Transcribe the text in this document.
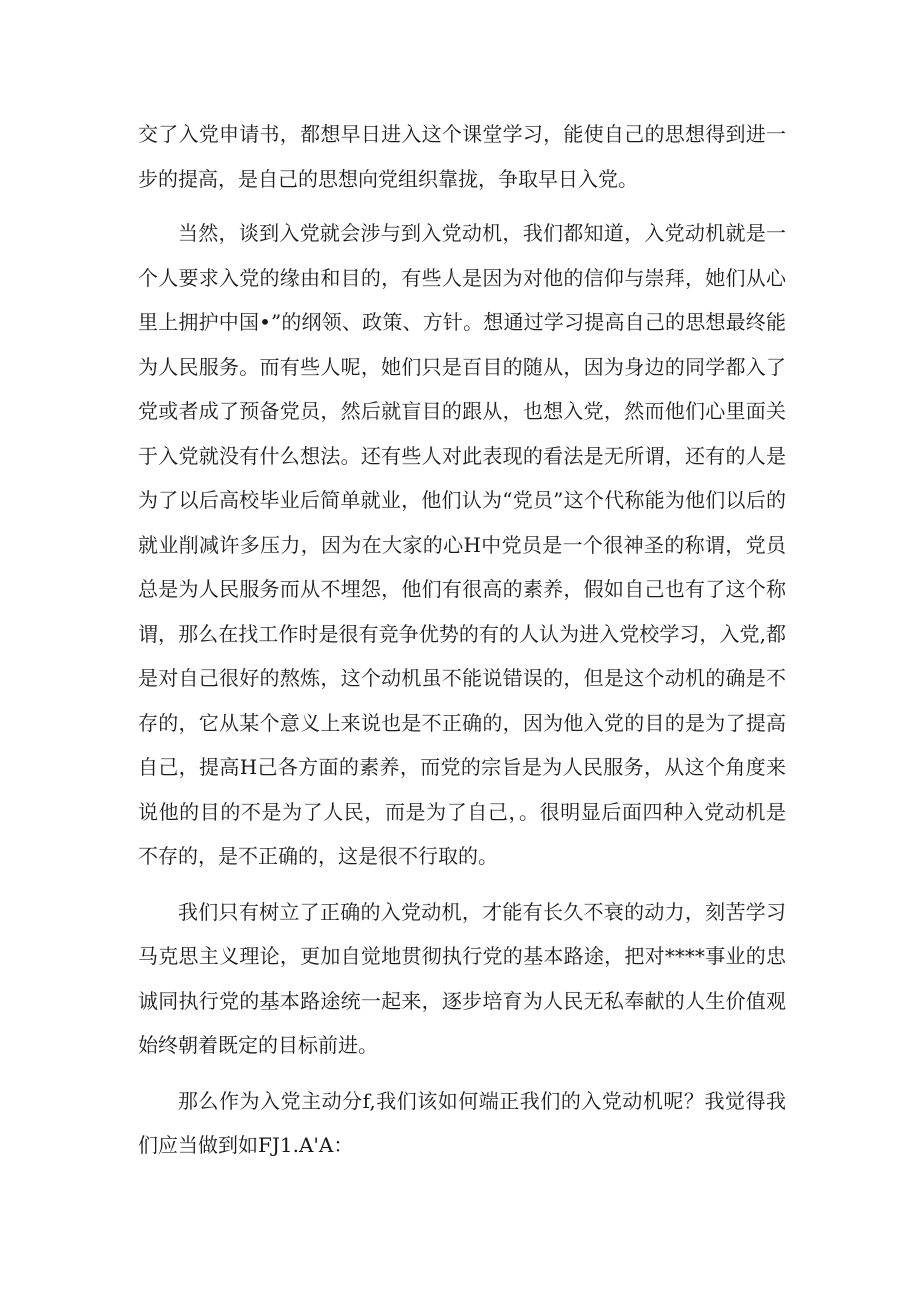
交了入党申请书，都想早日进入这个课堂学习，能使自己的思想得到进一步的提高，是自己的思想向党组织靠拢，争取早日入党。

当然，谈到入党就会涉与到入党动机，我们都知道，入党动机就是一个人要求入党的缘由和目的，有些人是因为对他的信仰与崇拜，她们从心里上拥护中国•”的纲领、政策、方针。想通过学习提高自己的思想最终能为人民服务。而有些人呢，她们只是百目的随从，因为身边的同学都入了党或者成了预备党员，然后就盲目的跟从，也想入党，然而他们心里面关于入党就没有什么想法。还有些人对此表现的看法是无所谓，还有的人是为了以后高校毕业后简单就业，他们认为“党员”这个代称能为他们以后的就业削减许多压力，因为在大家的心H中党员是一个很神圣的称谓，党员总是为人民服务而从不埋怨，他们有很高的素养，假如自己也有了这个称谓，那么在找工作时是很有竞争优势的有的人认为进入党校学习，入党,都是对自己很好的熬炼，这个动机虽不能说错误的，但是这个动机的确是不存的，它从某个意义上来说也是不正确的，因为他入党的目的是为了提高自己，提高H己各方面的素养，而党的宗旨是为人民服务，从这个角度来说他的目的不是为了人民，而是为了自己，。很明显后面四种入党动机是不存的，是不正确的，这是很不行取的。

我们只有树立了正确的入党动机，才能有长久不衰的动力，刻苦学习马克思主义理论，更加自觉地贯彻执行党的基本路途，把对****事业的忠诚同执行党的基本路途统一起来，逐步培育为人民无私奉献的人生价值观始终朝着既定的目标前进。

那么作为入党主动分f,我们该如何端正我们的入党动机呢？我觉得我们应当做到如FJ1.A'A：
